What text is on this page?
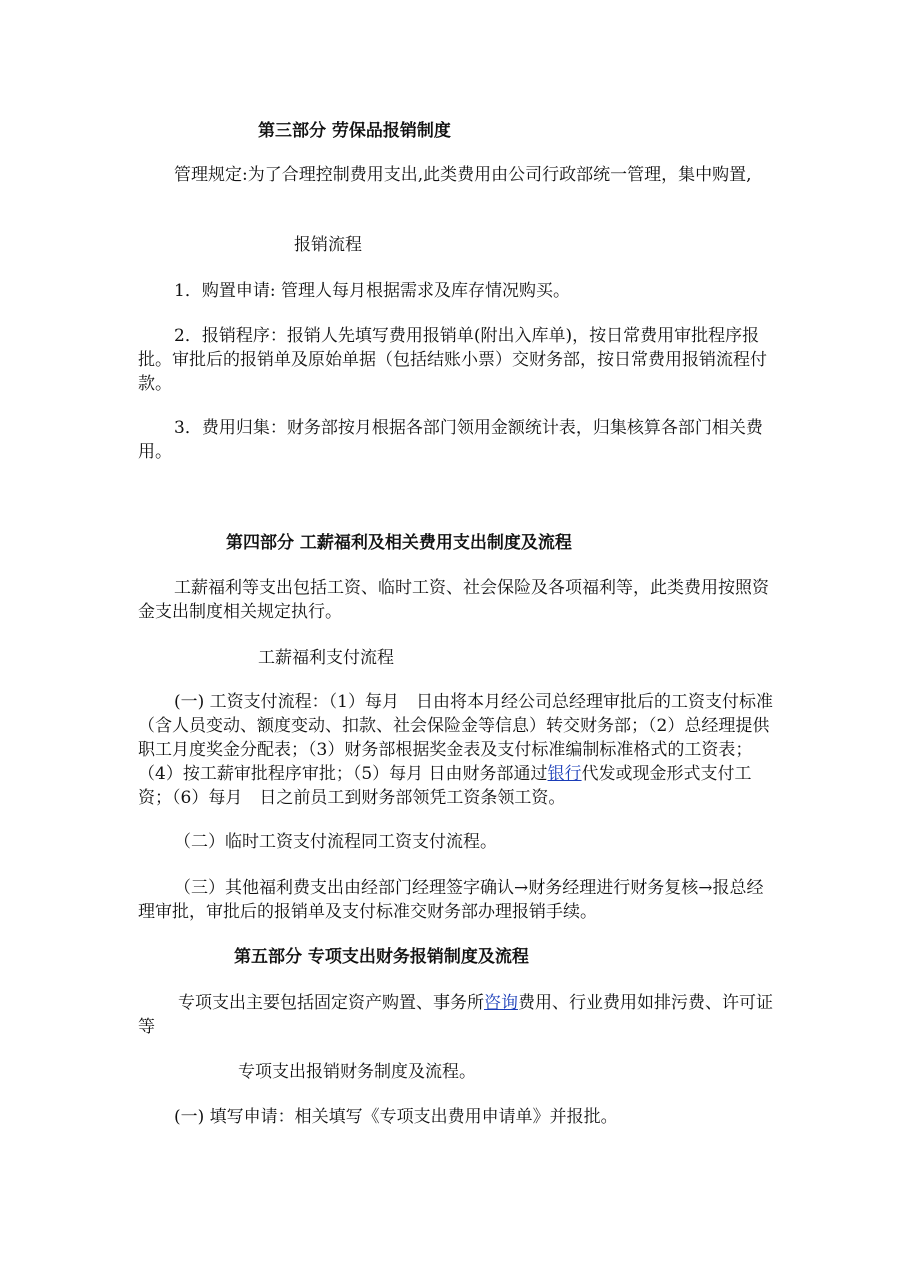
第三部分 劳保品报销制度
管理规定:为了合理控制费用支出,此类费用由公司行政部统一管理，集中购置,
报销流程
1．购置申请: 管理人每月根据需求及库存情况购买。
2．报销程序：报销人先填写费用报销单(附出入库单)，按日常费用审批程序报批。审批后的报销单及原始单据（包括结账小票）交财务部，按日常费用报销流程付款。
3．费用归集：财务部按月根据各部门领用金额统计表，归集核算各部门相关费用。
第四部分 工薪福利及相关费用支出制度及流程
工薪福利等支出包括工资、临时工资、社会保险及各项福利等，此类费用按照资金支出制度相关规定执行。
工薪福利支付流程
(一) 工资支付流程：（1）每月　日由将本月经公司总经理审批后的工资支付标准（含人员变动、额度变动、扣款、社会保险金等信息）转交财务部；（2）总经理提供职工月度奖金分配表；（3）财务部根据奖金表及支付标准编制标准格式的工资表；（4）按工薪审批程序审批；（5）每月 日由财务部通过银行代发或现金形式支付工资；（6）每月　日之前员工到财务部领凭工资条领工资。
（二）临时工资支付流程同工资支付流程。
（三）其他福利费支出由经部门经理签字确认→财务经理进行财务复核→报总经理审批，审批后的报销单及支付标准交财务部办理报销手续。
第五部分 专项支出财务报销制度及流程
专项支出主要包括固定资产购置、事务所咨询费用、行业费用如排污费、许可证等
专项支出报销财务制度及流程。
(一) 填写申请：相关填写《专项支出费用申请单》并报批。
